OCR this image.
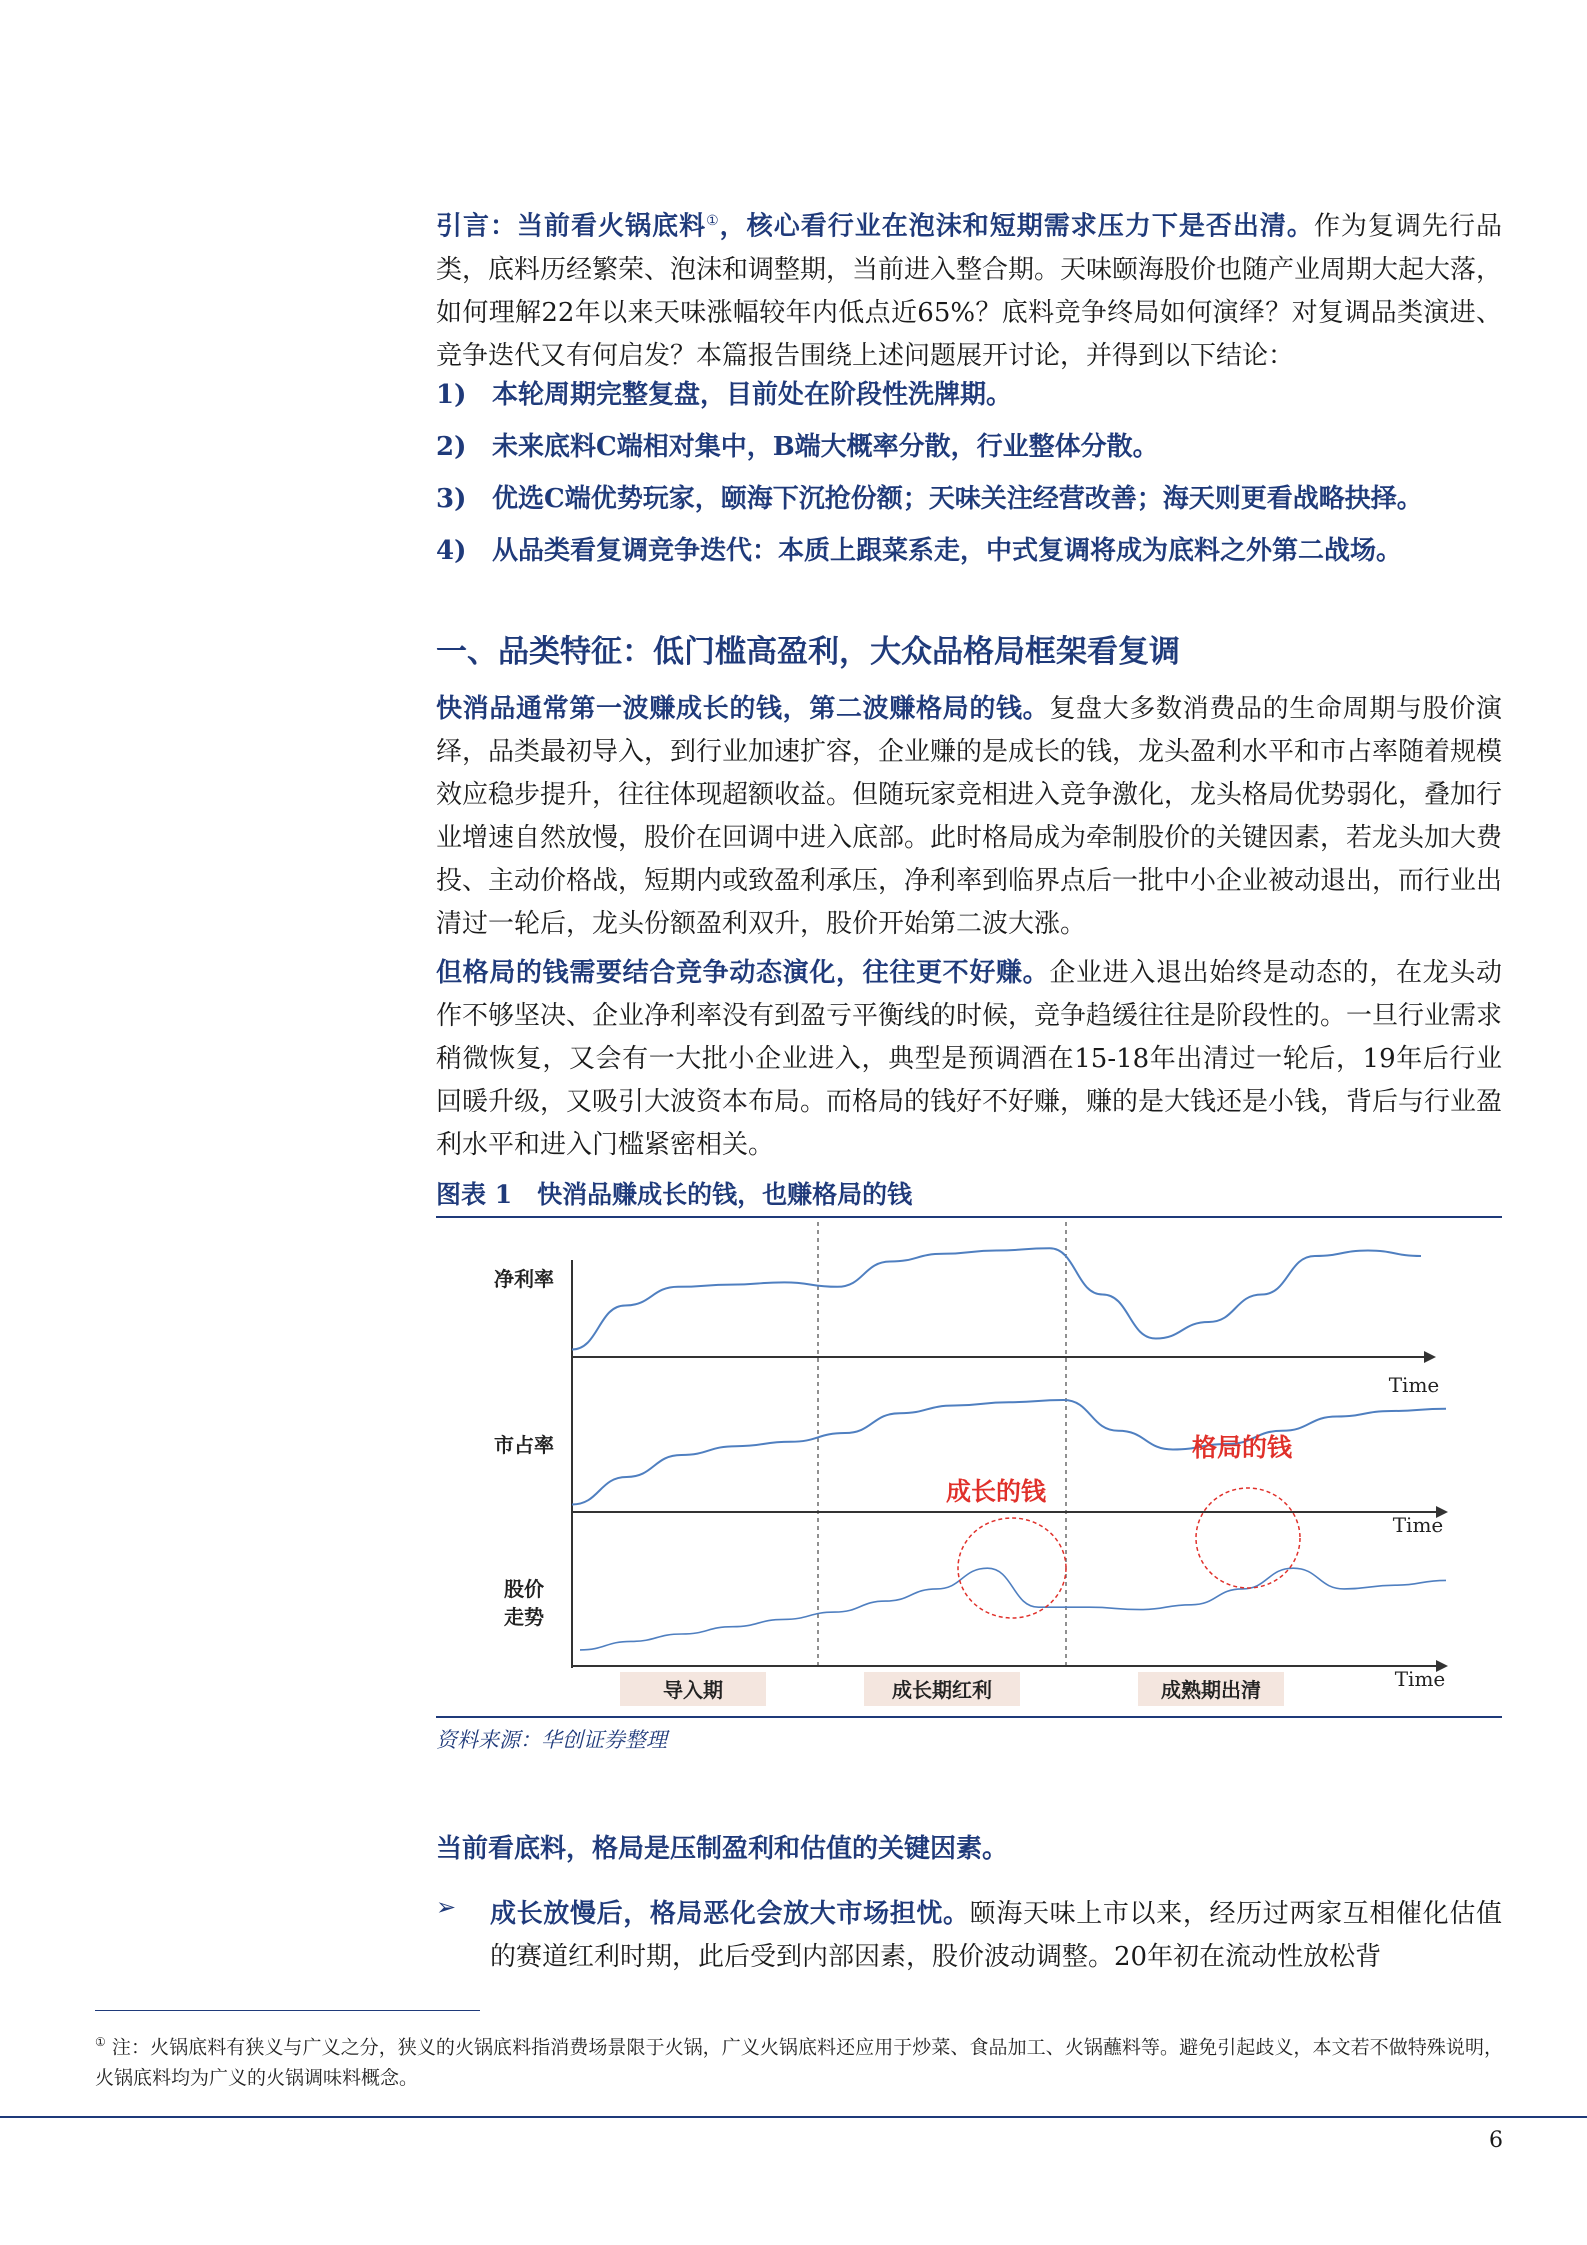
引言：当前看火锅底料①，核心看行业在泡沫和短期需求压力下是否出清。作为复调先行品类，底料历经繁荣、泡沫和调整期，当前进入整合期。天味颐海股价也随产业周期大起大落，如何理解22年以来天味涨幅较年内低点近65%？底料竞争终局如何演绎？对复调品类演进、竞争迭代又有何启发？本篇报告围绕上述问题展开讨论，并得到以下结论：

1) 本轮周期完整复盘，目前处在阶段性洗牌期。
2) 未来底料C端相对集中，B端大概率分散，行业整体分散。
3) 优选C端优势玩家，颐海下沉抢份额；天味关注经营改善；海天则更看战略抉择。
4) 从品类看复调竞争迭代：本质上跟菜系走，中式复调将成为底料之外第二战场。
一、品类特征：低门槛高盈利，大众品格局框架看复调

快消品通常第一波赚成长的钱，第二波赚格局的钱。复盘大多数消费品的生命周期与股价演绎，品类最初导入，到行业加速扩容，企业赚的是成长的钱，龙头盈利水平和市占率随着规模效应稳步提升，往往体现超额收益。但随玩家竞相进入竞争激化，龙头格局优势弱化，叠加行业增速自然放慢，股价在回调中进入底部。此时格局成为牵制股价的关键因素，若龙头加大费投、主动价格战，短期内或致盈利承压，净利率到临界点后一批中小企业被动退出，而行业出清过一轮后，龙头份额盈利双升，股价开始第二波大涨。

但格局的钱需要结合竞争动态演化，往往更不好赚。企业进入退出始终是动态的，在龙头动作不够坚决、企业净利率没有到盈亏平衡线的时候，竞争趋缓往往是阶段性的。一旦行业需求稍微恢复，又会有一大批小企业进入，典型是预调酒在15-18年出清过一轮后，19年后行业回暖升级，又吸引大波资本布局。而格局的钱好不好赚，赚的是大钱还是小钱，背后与行业盈利水平和进入门槛紧密相关。

图表 1　快消品赚成长的钱，也赚格局的钱
净利率
市占率
股价
走势
Time
Time
Time
成长的钱
格局的钱
导入期	成长期红利	成熟期出清
资料来源：华创证券整理

当前看底料，格局是压制盈利和估值的关键因素。

➢	成长放慢后，格局恶化会放大市场担忧。颐海天味上市以来，经历过两家互相催化估值的赛道红利时期，此后受到内部因素，股价波动调整。20年初在流动性放松背

① 注：火锅底料有狭义与广义之分，狭义的火锅底料指消费场景限于火锅，广义火锅底料还应用于炒菜、食品加工、火锅蘸料等。避免引起歧义，本文若不做特殊说明，火锅底料均为广义的火锅调味料概念。
6
